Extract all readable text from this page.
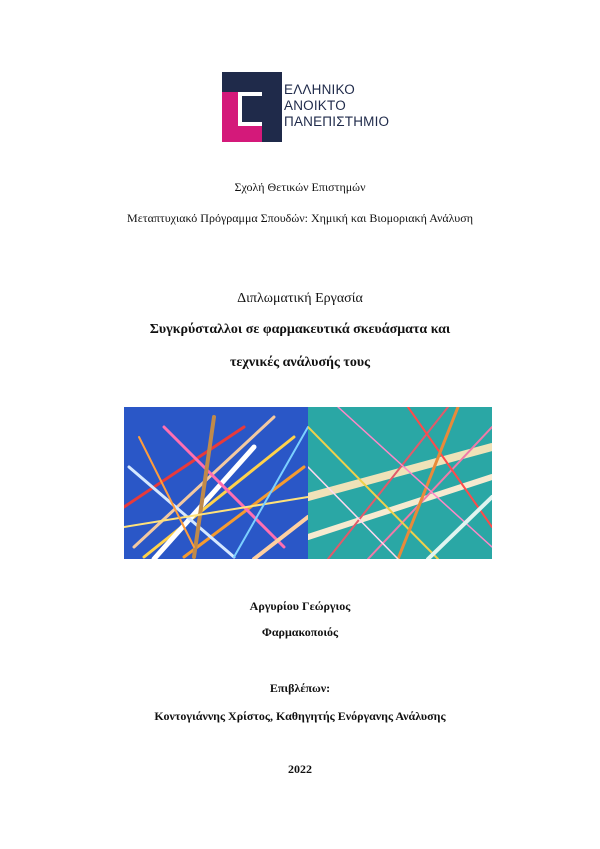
ΕΛΛΗΝΙΚΟ
ΑΝΟΙΚΤΟ
ΠΑΝΕΠΙΣΤΗΜΙΟ
Σχολή Θετικών Επιστημών
Μεταπτυχιακό Πρόγραμμα Σπουδών: Χημική και Βιομοριακή Ανάλυση
Διπλωματική Εργασία
Συγκρύσταλλοι σε φαρμακευτικά σκευάσματα και
τεχνικές ανάλυσής τους
Αργυρίου Γεώργιος
Φαρμακοποιός
Επιβλέπων:
Κοντογιάννης Χρίστος, Καθηγητής Ενόργανης Ανάλυσης
2022
